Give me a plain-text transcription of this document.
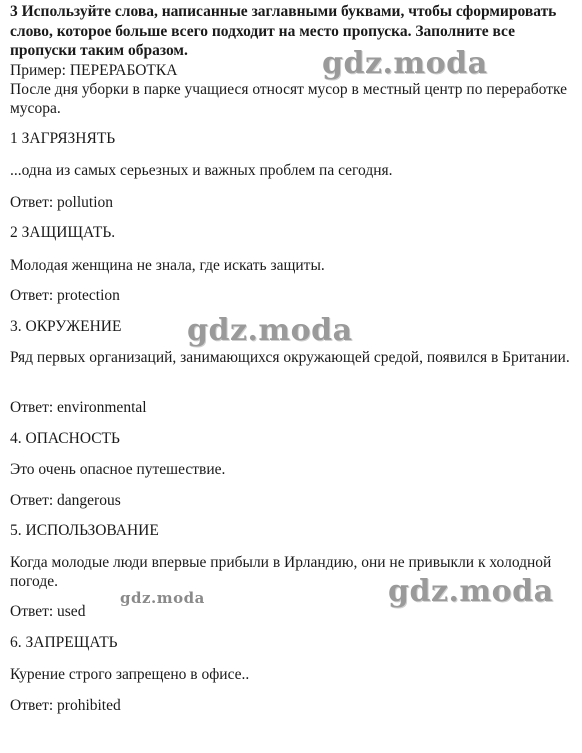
3 Используйте слова, написанные заглавными буквами, чтобы сформировать слово, которое больше всего подходит на место пропуска. Заполните все пропуски таким образом.

Пример: ПЕРЕРАБОТКА

После дня уборки в парке учащиеся относят мусор в местный центр по переработке мусора.

1 ЗАГРЯЗНЯТЬ

...одна из самых серьезных и важных проблем па сегодня.

Ответ: pollution

2 ЗАЩИЩАТЬ.

Молодая женщина не знала, где искать защиты.

Ответ: protection

3. ОКРУЖЕНИЕ

Ряд первых организаций, занимающихся окружающей средой, появился в Британии.

Ответ: environmental

4. ОПАСНОСТЬ

Это очень опасное путешествие.

Ответ: dangerous

5. ИСПОЛЬЗОВАНИЕ

Когда молодые люди впервые прибыли в Ирландию, они не привыкли к холодной погоде.

Ответ: used

6. ЗАПРЕЩАТЬ

Курение строго запрещено в офисе..

Ответ: prohibited

gdz.moda
gdz.moda
gdz.moda
gdz.moda
